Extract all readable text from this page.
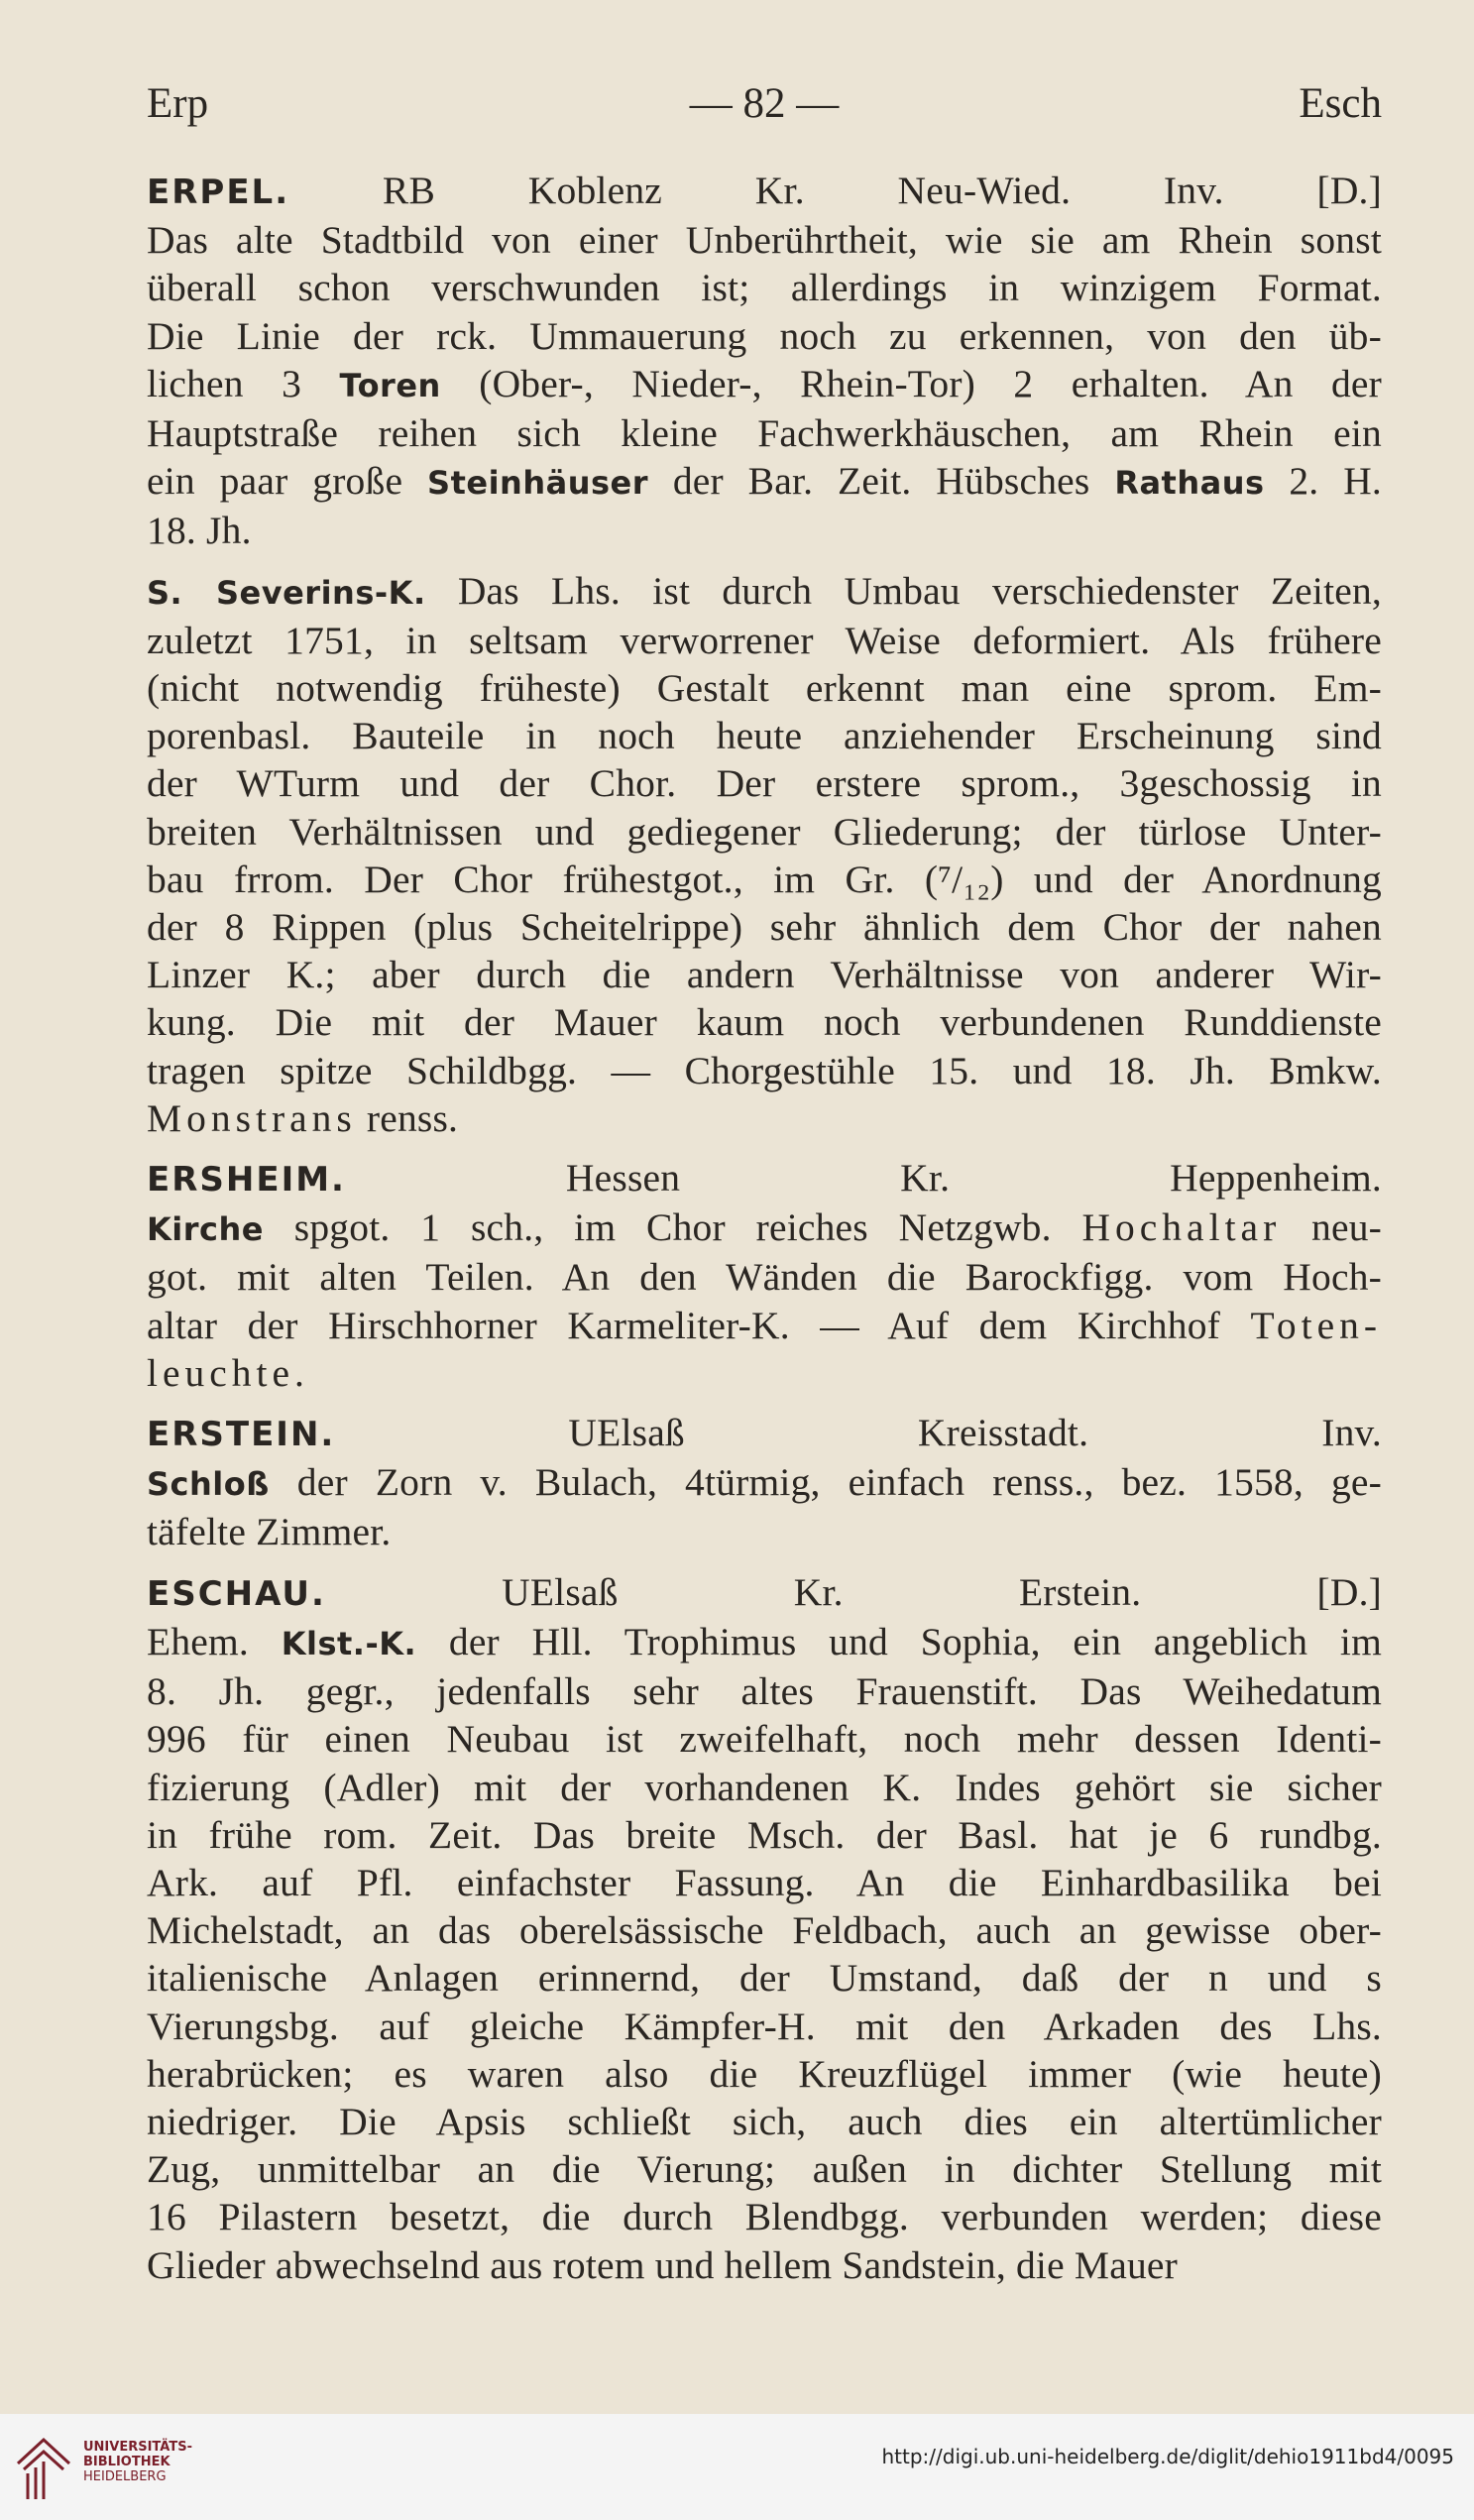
Erp	— 82 —	Esch
ERPEL. RB Koblenz Kr. Neu-Wied. Inv. [D.]
Das alte Stadtbild von einer Unberührtheit, wie sie am Rhein sonst
überall schon verschwunden ist; allerdings in winzigem Format.
Die Linie der rck. Ummauerung noch zu erkennen, von den üb-
lichen 3 Toren (Ober-, Nieder-, Rhein-Tor) 2 erhalten. An der
Hauptstraße reihen sich kleine Fachwerkhäuschen, am Rhein ein
ein paar große Steinhäuser der Bar. Zeit. Hübsches Rathaus 2. H.
18. Jh.
S. Severins-K. Das Lhs. ist durch Umbau verschiedenster Zeiten,
zuletzt 1751, in seltsam verworrener Weise deformiert. Als frühere
(nicht notwendig früheste) Gestalt erkennt man eine sprom. Em-
porenbasl. Bauteile in noch heute anziehender Erscheinung sind
der WTurm und der Chor. Der erstere sprom., 3geschossig in
breiten Verhältnissen und gediegener Gliederung; der türlose Unter-
bau frrom. Der Chor frühestgot., im Gr. (⁷/₁₂) und der Anordnung
der 8 Rippen (plus Scheitelrippe) sehr ähnlich dem Chor der nahen
Linzer K.; aber durch die andern Verhältnisse von anderer Wir-
kung. Die mit der Mauer kaum noch verbundenen Runddienste
tragen spitze Schildbgg. — Chorgestühle 15. und 18. Jh. Bmkw.
Monstrans renss.
ERSHEIM. Hessen Kr. Heppenheim.
Kirche spgot. 1 sch., im Chor reiches Netzgwb. Hochaltar neu-
got. mit alten Teilen. An den Wänden die Barockfigg. vom Hoch-
altar der Hirschhorner Karmeliter-K. — Auf dem Kirchhof Toten-
leuchte.
ERSTEIN. UElsaß Kreisstadt. Inv.
Schloß der Zorn v. Bulach, 4türmig, einfach renss., bez. 1558, ge-
täfelte Zimmer.
ESCHAU. UElsaß Kr. Erstein. [D.]
Ehem. Klst.-K. der Hll. Trophimus und Sophia, ein angeblich im
8. Jh. gegr., jedenfalls sehr altes Frauenstift. Das Weihedatum
996 für einen Neubau ist zweifelhaft, noch mehr dessen Identi-
fizierung (Adler) mit der vorhandenen K. Indes gehört sie sicher
in frühe rom. Zeit. Das breite Msch. der Basl. hat je 6 rundbg.
Ark. auf Pfl. einfachster Fassung. An die Einhardbasilika bei
Michelstadt, an das oberelsässische Feldbach, auch an gewisse ober-
italienische Anlagen erinnernd, der Umstand, daß der n und s
Vierungsbg. auf gleiche Kämpfer-H. mit den Arkaden des Lhs.
herabrücken; es waren also die Kreuzflügel immer (wie heute)
niedriger. Die Apsis schließt sich, auch dies ein altertümlicher
Zug, unmittelbar an die Vierung; außen in dichter Stellung mit
16 Pilastern besetzt, die durch Blendbgg. verbunden werden; diese
Glieder abwechselnd aus rotem und hellem Sandstein, die Mauer
UNIVERSITÄTS-
BIBLIOTHEK
HEIDELBERG
http://digi.ub.uni-heidelberg.de/diglit/dehio1911bd4/0095
